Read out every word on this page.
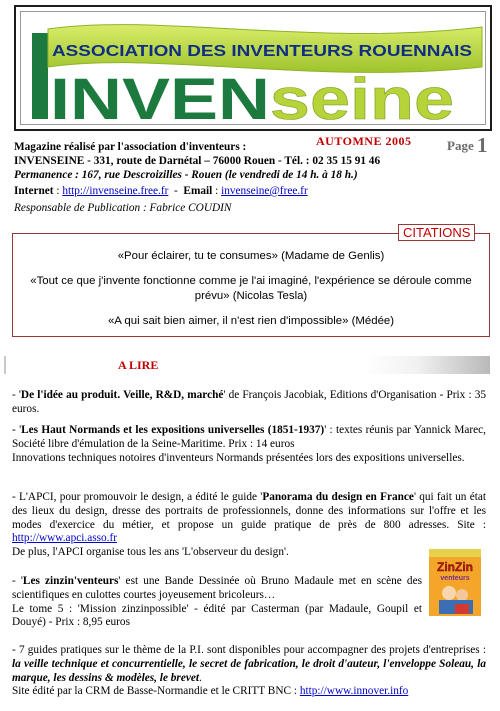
ASSOCIATION DES INVENTEURS ROUENNAIS
INVEN seine
AUTOMNE 2005	Page 1
Magazine réalisé par l'association d'inventeurs :
INVENSEINE - 331, route de Darnétal – 76000 Rouen - Tél. : 02 35 15 91 46
Permanence : 167, rue Descroizilles - Rouen (le vendredi de 14 h. à 18 h.)
Internet : http://invenseine.free.fr  -  Email : invenseine@free.fr
Responsable de Publication : Fabrice COUDIN
CITATIONS
«Pour éclairer, tu te consumes» (Madame de Genlis)
«Tout ce que j'invente fonctionne comme je l'ai imaginé, l'expérience se déroule comme prévu» (Nicolas Tesla)
«A qui sait bien aimer, il n'est rien d'impossible» (Médée)
A LIRE
- 'De l'idée au produit. Veille, R&D, marché' de François Jacobiak, Editions d'Organisation - Prix : 35 euros.
- 'Les Haut Normands et les expositions universelles (1851-1937)' : textes réunis par Yannick Marec, Société libre d'émulation de la Seine-Maritime. Prix : 14 euros
Innovations techniques notoires d'inventeurs Normands présentées lors des expositions universelles.
- L'APCI, pour promouvoir le design, a édité le guide 'Panorama du design en France' qui fait un état des lieux du design, dresse des portraits de professionnels, donne des informations sur l'offre et les modes d'exercice du métier, et propose un guide pratique de près de 800 adresses. Site : http://www.apci.asso.fr
De plus, l'APCI organise tous les ans 'L'observeur du design'.
- 'Les zinzin'venteurs' est une Bande Dessinée où Bruno Madaule met en scène des scientifiques en culottes courtes joyeusement bricoleurs…
Le tome 5 : 'Mission zinzinpossible' - édité par Casterman (par Madaule, Goupil et Douyé) - Prix : 8,95 euros
ZinZin
venteurs
- 7 guides pratiques sur le thème de la P.I. sont disponibles pour accompagner des projets d'entreprises : la veille technique et concurrentielle, le secret de fabrication, le droit d'auteur, l'enveloppe Soleau, la marque, les dessins & modèles, le brevet.
Site édité par la CRM de Basse-Normandie et le CRITT BNC : http://www.innover.info
